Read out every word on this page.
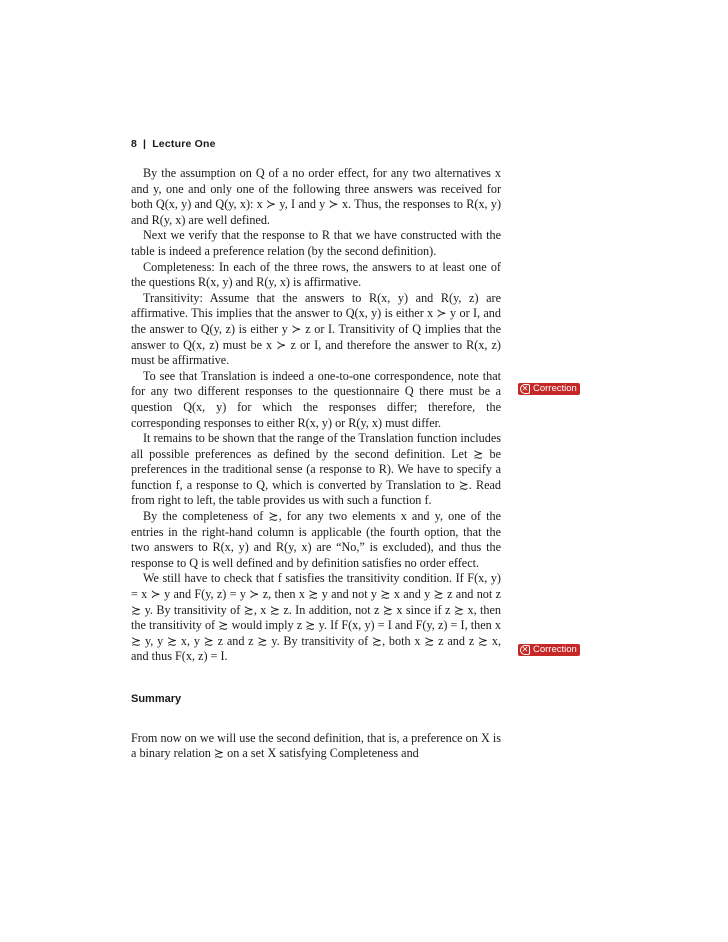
8 | Lecture One

By the assumption on Q of a no order effect, for any two alternatives x and y, one and only one of the following three answers was received for both Q(x, y) and Q(y, x): x ≻ y, I and y ≻ x. Thus, the responses to R(x, y) and R(y, x) are well defined.

Next we verify that the response to R that we have constructed with the table is indeed a preference relation (by the second definition).

Completeness: In each of the three rows, the answers to at least one of the questions R(x, y) and R(y, x) is affirmative.

Transitivity: Assume that the answers to R(x, y) and R(y, z) are affirmative. This implies that the answer to Q(x, y) is either x ≻ y or I, and the answer to Q(y, z) is either y ≻ z or I. Transitivity of Q implies that the answer to Q(x, z) must be x ≻ z or I, and therefore the answer to R(x, z) must be affirmative.

To see that Translation is indeed a one-to-one correspondence, note that for any two different responses to the questionnaire Q there must be a question Q(x, y) for which the responses differ; therefore, the corresponding responses to either R(x, y) or R(y, x) must differ.

It remains to be shown that the range of the Translation function includes all possible preferences as defined by the second definition. Let ≿ be preferences in the traditional sense (a response to R). We have to specify a function f, a response to Q, which is converted by Translation to ≿. Read from right to left, the table provides us with such a function f.

By the completeness of ≿, for any two elements x and y, one of the entries in the right-hand column is applicable (the fourth option, that the two answers to R(x, y) and R(y, x) are “No,” is excluded), and thus the response to Q is well defined and by definition satisfies no order effect.

We still have to check that f satisfies the transitivity condition. If F(x, y) = x ≻ y and F(y, z) = y ≻ z, then x ≿ y and not y ≿ x and y ≿ z and not z ≿ y. By transitivity of ≿, x ≿ z. In addition, not z ≿ x since if z ≿ x, then the transitivity of ≿ would imply z ≿ y. If F(x, y) = I and F(y, z) = I, then x ≿ y, y ≿ x, y ≿ z and z ≿ y. By transitivity of ≿, both x ≿ z and z ≿ x, and thus F(x, z) = I.

Summary

From now on we will use the second definition, that is, a preference on X is a binary relation ≿ on a set X satisfying Completeness and

✕ Correction
✕ Correction
